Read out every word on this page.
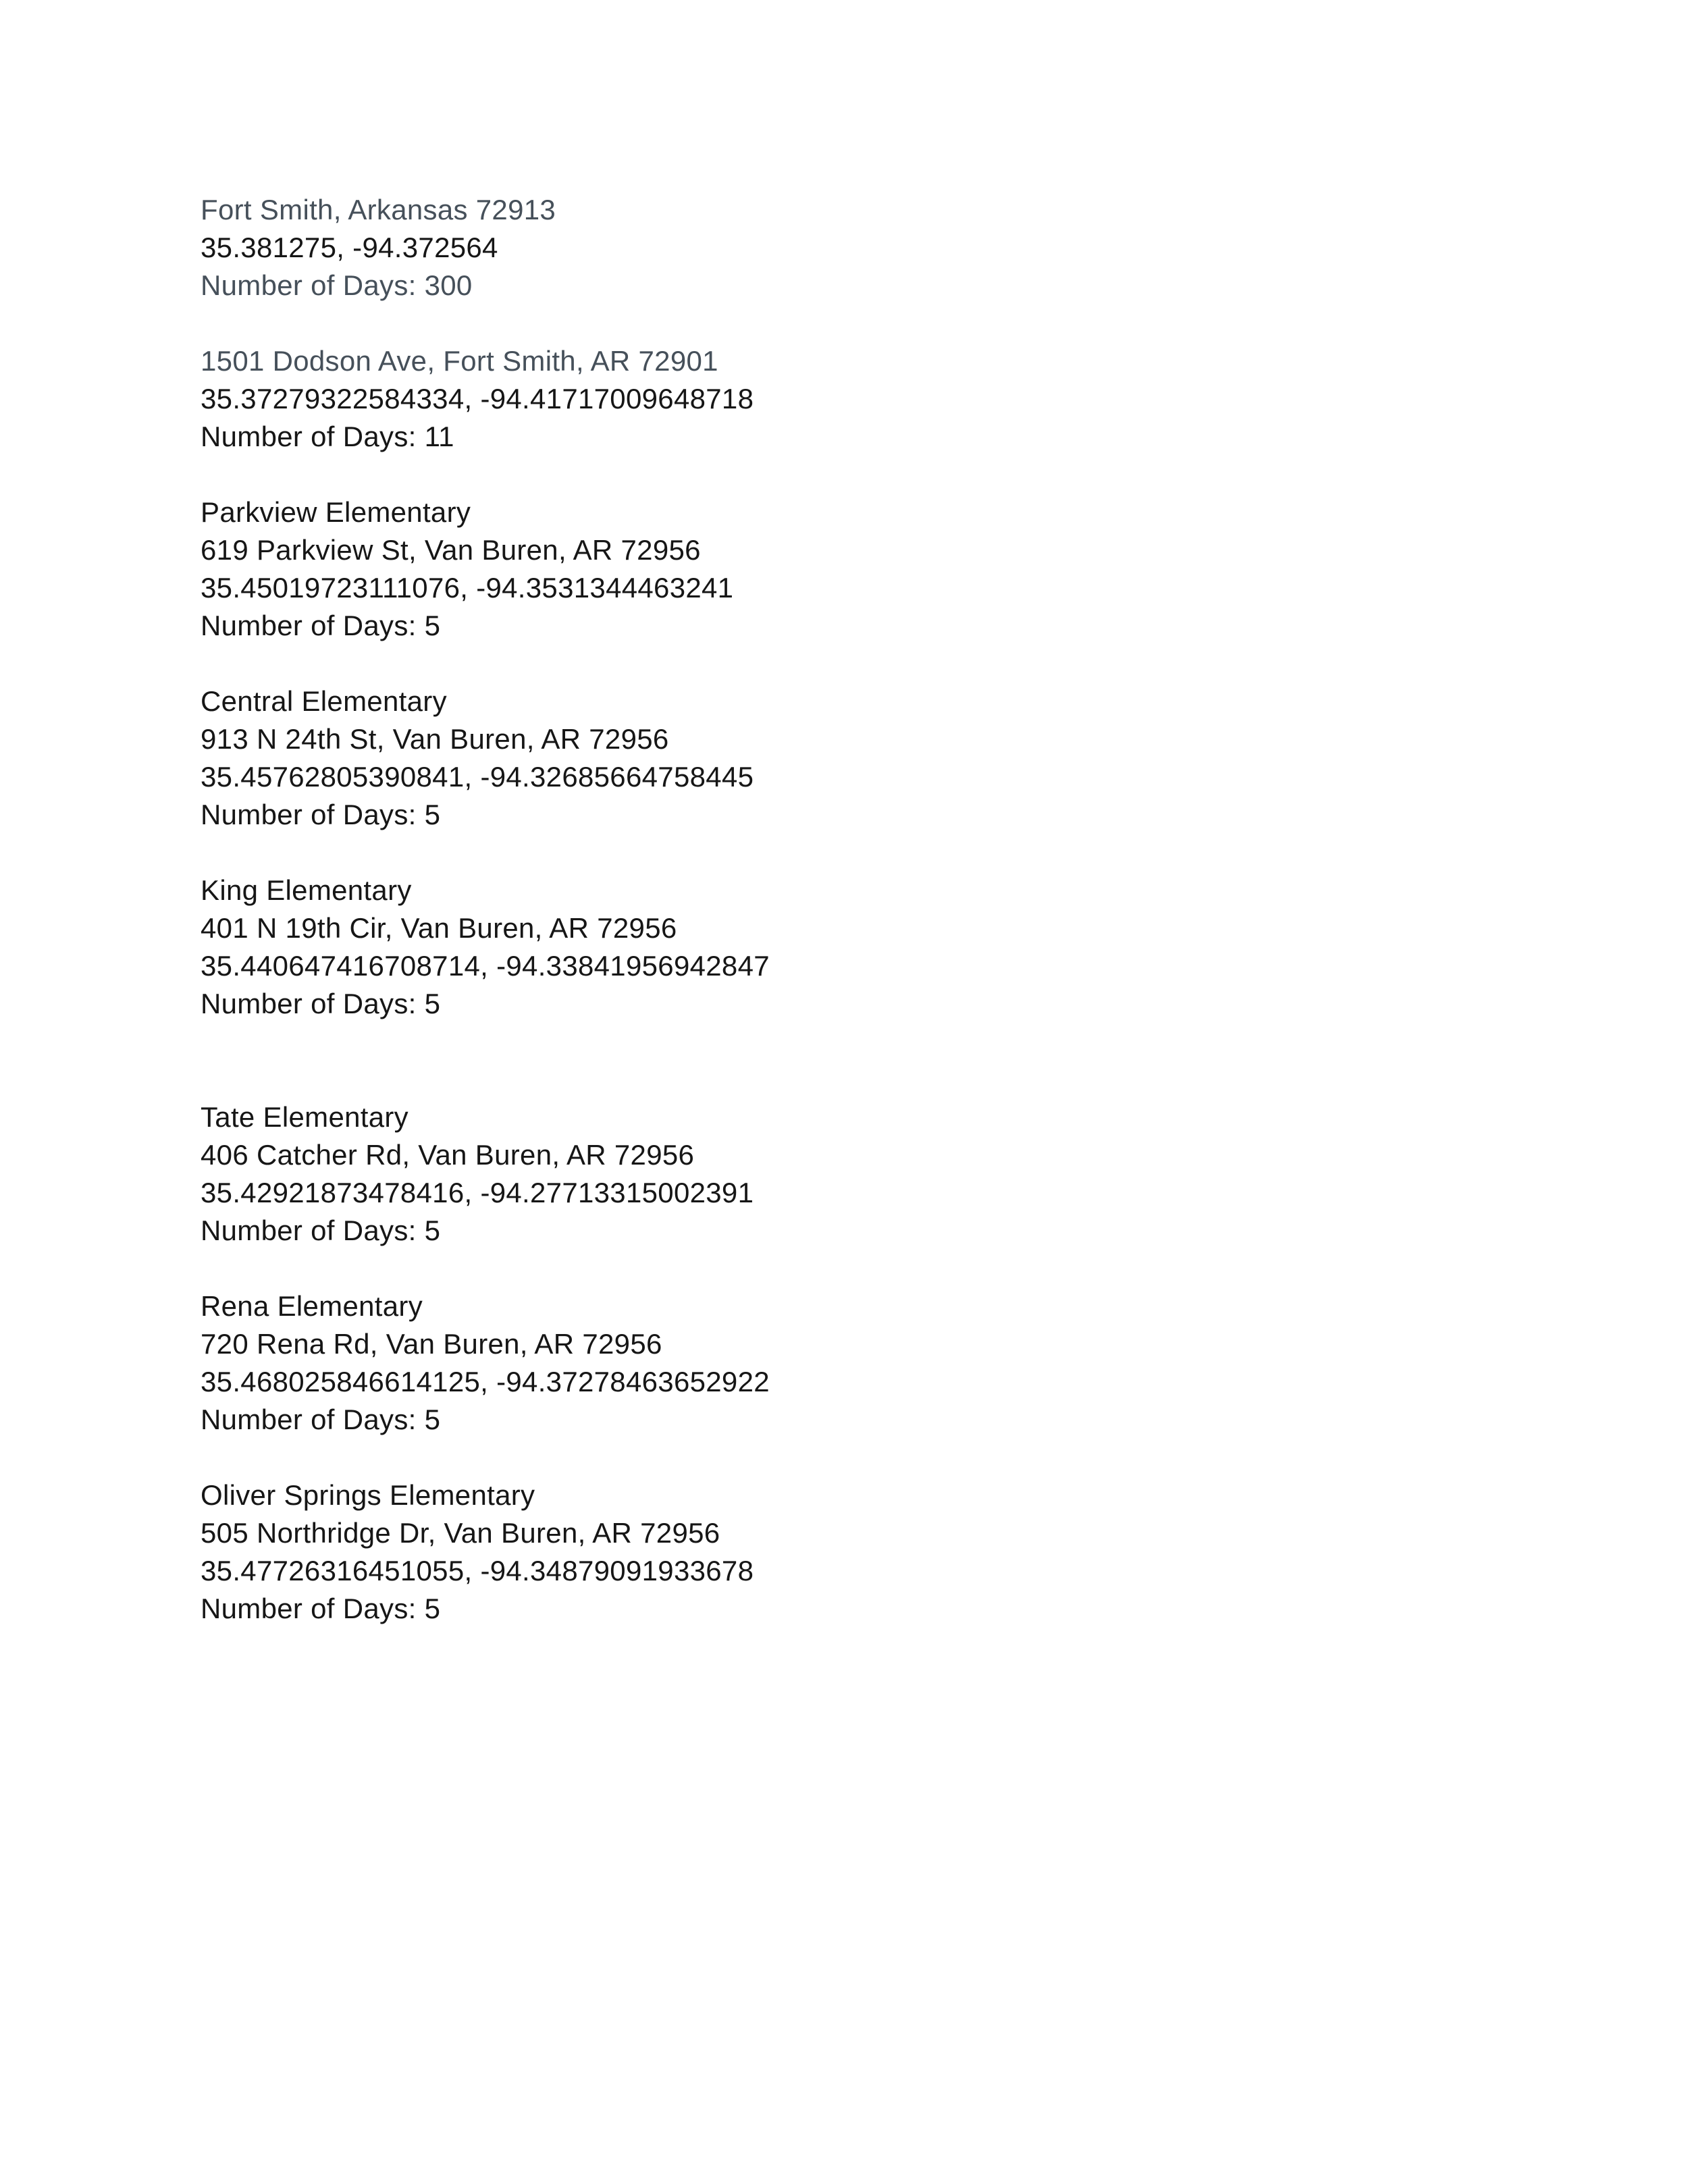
Fort Smith, Arkansas 72913
35.381275, -94.372564
Number of Days: 300
1501 Dodson Ave, Fort Smith, AR 72901
35.37279322584334, -94.41717009648718
Number of Days: 11
Parkview Elementary
619 Parkview St, Van Buren, AR 72956
35.45019723111076, -94.3531344463241
Number of Days: 5
Central Elementary
913 N 24th St, Van Buren, AR 72956
35.45762805390841, -94.32685664758445
Number of Days: 5
King Elementary
401 N 19th Cir, Van Buren, AR 72956
35.440647416708714, -94.33841956942847
Number of Days: 5
Tate Elementary
406 Catcher Rd, Van Buren, AR 72956
35.42921873478416, -94.27713315002391
Number of Days: 5
Rena Elementary
720 Rena Rd, Van Buren, AR 72956
35.468025846614125, -94.37278463652922
Number of Days: 5
Oliver Springs Elementary
505 Northridge Dr, Van Buren, AR 72956
35.47726316451055, -94.34879091933678
Number of Days: 5
